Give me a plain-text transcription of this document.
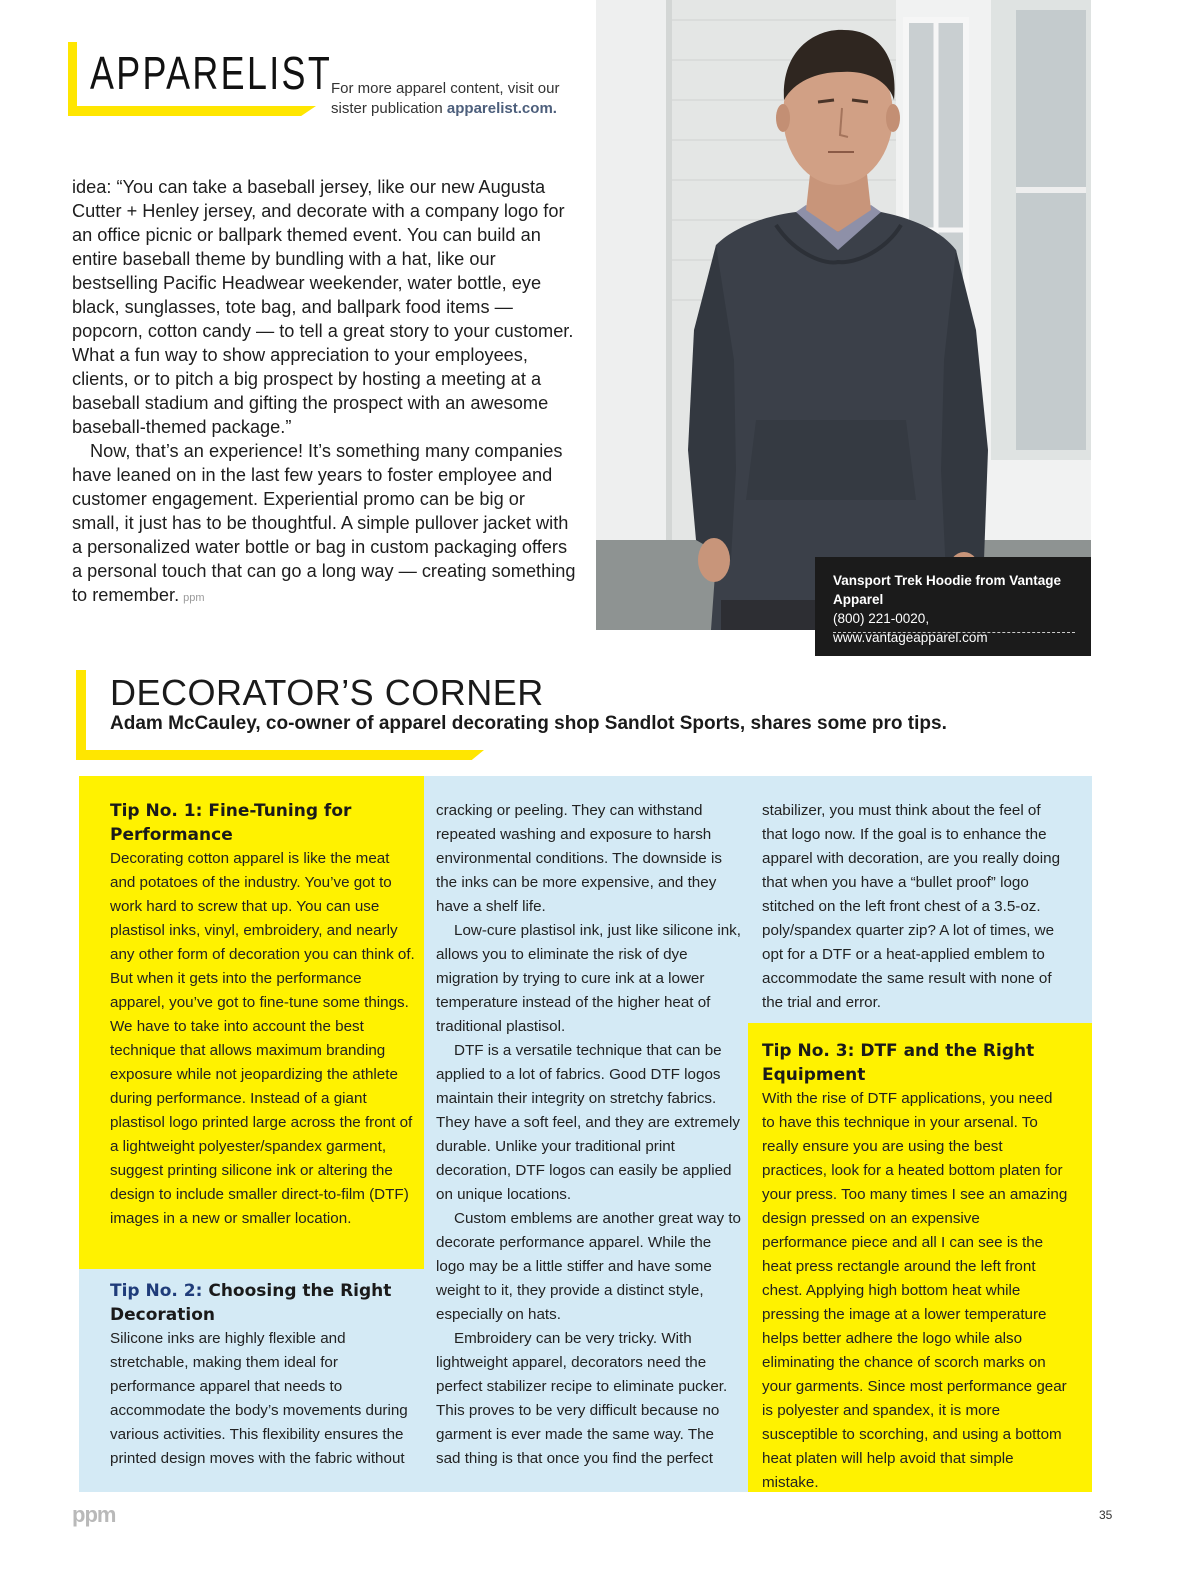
APPARELIST
For more apparel content, visit our
sister publication apparelist.com.

idea: “You can take a baseball jersey, like our new Augusta Cutter + Henley jersey, and decorate with a company logo for an office picnic or ballpark themed event. You can build an entire baseball theme by bundling with a hat, like our bestselling Pacific Headwear weekender, water bottle, eye black, sunglasses, tote bag, and ballpark food items — popcorn, cotton candy — to tell a great story to your customer. What a fun way to show appreciation to your employees, clients, or to pitch a big prospect by hosting a meeting at a baseball stadium and gifting the prospect with an awesome baseball-themed package.”

Now, that’s an experience! It’s something many companies have leaned on in the last few years to foster employee and customer engagement. Experiential promo can be big or small, it just has to be thoughtful. A simple pullover jacket with a personalized water bottle or bag in custom packaging offers a personal touch that can go a long way — creating something to remember. ppm

Vansport Trek Hoodie from Vantage Apparel
(800) 221-0020, www.vantageapparel.com
DECORATOR’S CORNER
Adam McCauley, co-owner of apparel decorating shop Sandlot Sports, shares some pro tips.
Tip No. 1: Fine-Tuning for Performance

Decorating cotton apparel is like the meat and potatoes of the industry. You’ve got to work hard to screw that up. You can use plastisol inks, vinyl, embroidery, and nearly any other form of decoration you can think of. But when it gets into the performance apparel, you’ve got to fine-tune some things. We have to take into account the best technique that allows maximum branding exposure while not jeopardizing the athlete during performance. Instead of a giant plastisol logo printed large across the front of a lightweight polyester/spandex garment, suggest printing silicone ink or altering the design to include smaller direct-to-film (DTF) images in a new or smaller location.

Tip No. 2: Choosing the Right Decoration

Silicone inks are highly flexible and stretchable, making them ideal for performance apparel that needs to accommodate the body’s movements during various activities. This flexibility ensures the printed design moves with the fabric without

cracking or peeling. They can withstand repeated washing and exposure to harsh environmental conditions. The downside is the inks can be more expensive, and they have a shelf life.

Low-cure plastisol ink, just like silicone ink, allows you to eliminate the risk of dye migration by trying to cure ink at a lower temperature instead of the higher heat of traditional plastisol.

DTF is a versatile technique that can be applied to a lot of fabrics. Good DTF logos maintain their integrity on stretchy fabrics. They have a soft feel, and they are extremely durable. Unlike your traditional print decoration, DTF logos can easily be applied on unique locations.

Custom emblems are another great way to decorate performance apparel. While the logo may be a little stiffer and have some weight to it, they provide a distinct style, especially on hats.

Embroidery can be very tricky. With lightweight apparel, decorators need the perfect stabilizer recipe to eliminate pucker. This proves to be very difficult because no garment is ever made the same way. The sad thing is that once you find the perfect

stabilizer, you must think about the feel of that logo now. If the goal is to enhance the apparel with decoration, are you really doing that when you have a “bullet proof” logo stitched on the left front chest of a 3.5-oz. poly/spandex quarter zip? A lot of times, we opt for a DTF or a heat-applied emblem to accommodate the same result with none of the trial and error.

Tip No. 3: DTF and the Right Equipment

With the rise of DTF applications, you need to have this technique in your arsenal. To really ensure you are using the best practices, look for a heated bottom platen for your press. Too many times I see an amazing design pressed on an expensive performance piece and all I can see is the heat press rectangle around the left front chest. Applying high bottom heat while pressing the image at a lower temperature helps better adhere the logo while also eliminating the chance of scorch marks on your garments. Since most performance gear is polyester and spandex, it is more susceptible to scorching, and using a bottom heat platen will help avoid that simple mistake.

ppm	35
